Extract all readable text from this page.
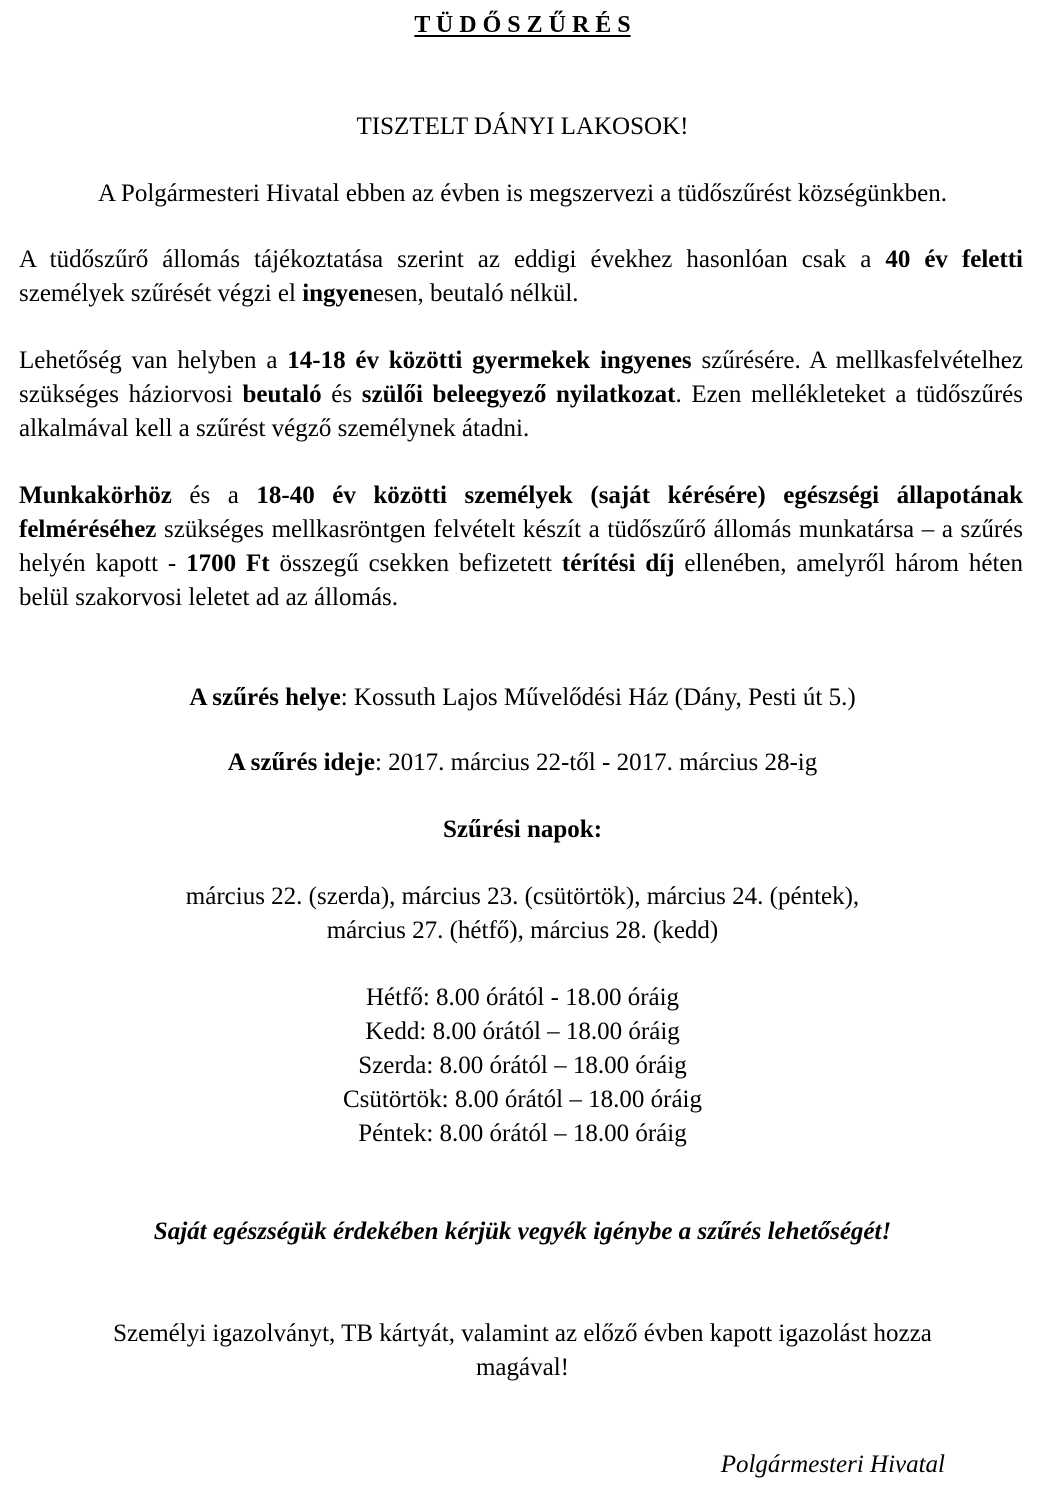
T Ü D Ő S Z Ű R É S
TISZTELT DÁNYI LAKOSOK!
A Polgármesteri Hivatal ebben az évben is megszervezi a tüdőszűrést községünkben.

A tüdőszűrő állomás tájékoztatása szerint az eddigi évekhez hasonlóan csak a 40 év feletti személyek szűrését végzi el ingyenesen, beutaló nélkül.

Lehetőség van helyben a 14-18 év közötti gyermekek ingyenes szűrésére. A mellkasfelvételhez szükséges háziorvosi beutaló és szülői beleegyező nyilatkozat. Ezen mellékleteket a tüdőszűrés alkalmával kell a szűrést végző személynek átadni.

Munkakörhöz és a 18-40 év közötti személyek (saját kérésére) egészségi állapotának felméréséhez szükséges mellkasröntgen felvételt készít a tüdőszűrő állomás munkatársa – a szűrés helyén kapott - 1700 Ft összegű csekken befizetett térítési díj ellenében, amelyről három héten belül szakorvosi leletet ad az állomás.

A szűrés helye: Kossuth Lajos Művelődési Ház (Dány, Pesti út 5.)
A szűrés ideje: 2017. március 22-től - 2017. március 28-ig
Szűrési napok:
március 22. (szerda), március 23. (csütörtök), március 24. (péntek),
március 27. (hétfő), március 28. (kedd)
Hétfő: 8.00 órától - 18.00 óráig
Kedd: 8.00 órától – 18.00 óráig
Szerda: 8.00 órától – 18.00 óráig
Csütörtök: 8.00 órától – 18.00 óráig
Péntek: 8.00 órától – 18.00 óráig
Saját egészségük érdekében kérjük vegyék igénybe a szűrés lehetőségét!
Személyi igazolványt, TB kártyát, valamint az előző évben kapott igazolást hozza
magával!
Polgármesteri Hivatal
